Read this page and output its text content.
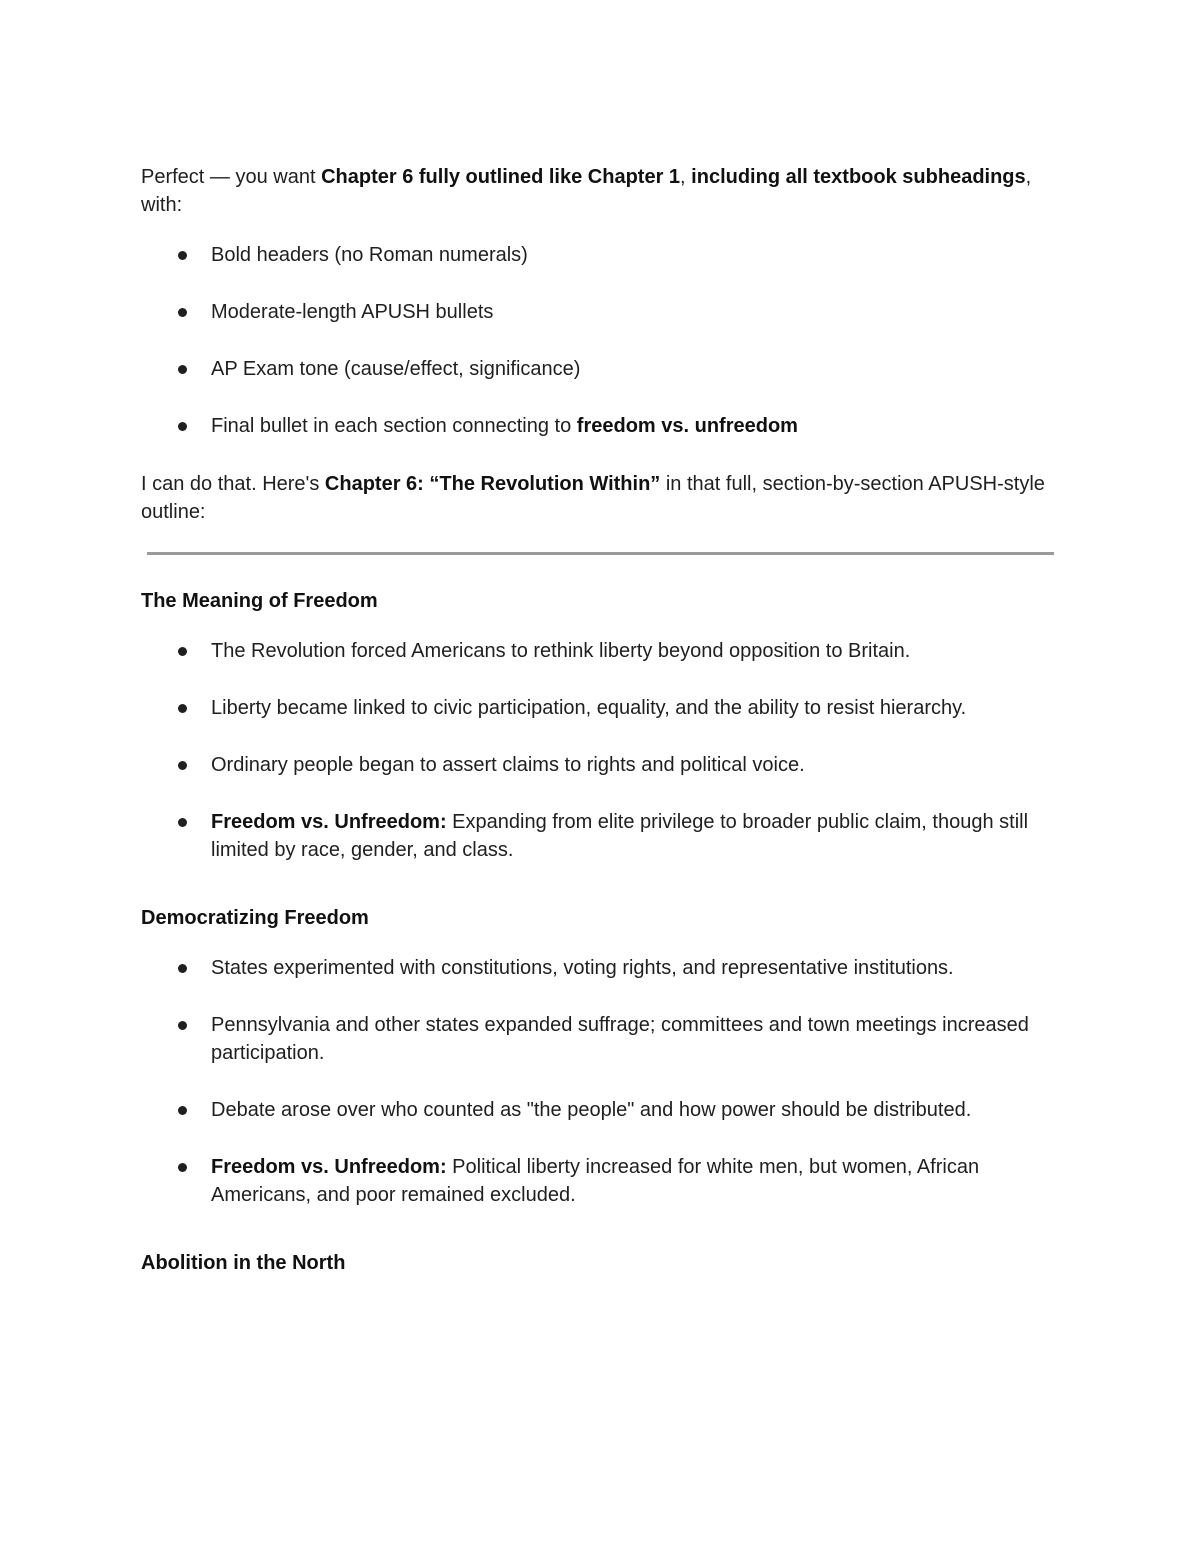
Perfect — you want Chapter 6 fully outlined like Chapter 1, including all textbook subheadings, with:

Bold headers (no Roman numerals)
Moderate-length APUSH bullets
AP Exam tone (cause/effect, significance)
Final bullet in each section connecting to freedom vs. unfreedom

I can do that. Here's Chapter 6: “The Revolution Within” in that full, section-by-section APUSH-style outline:

The Meaning of Freedom

The Revolution forced Americans to rethink liberty beyond opposition to Britain.
Liberty became linked to civic participation, equality, and the ability to resist hierarchy.
Ordinary people began to assert claims to rights and political voice.
Freedom vs. Unfreedom: Expanding from elite privilege to broader public claim, though still limited by race, gender, and class.

Democratizing Freedom

States experimented with constitutions, voting rights, and representative institutions.
Pennsylvania and other states expanded suffrage; committees and town meetings increased participation.
Debate arose over who counted as "the people" and how power should be distributed.
Freedom vs. Unfreedom: Political liberty increased for white men, but women, African Americans, and poor remained excluded.

Abolition in the North
